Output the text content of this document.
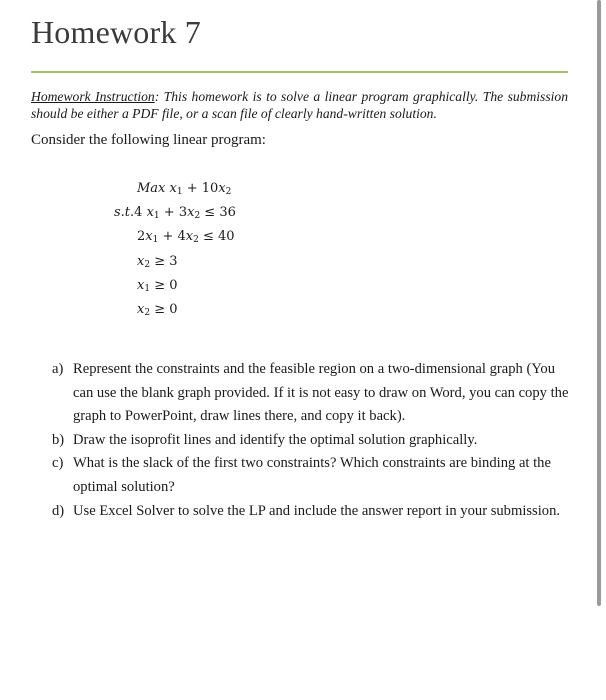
Homework 7

Homework Instruction: This homework is to solve a linear program graphically. The submission should be either a PDF file, or a scan file of clearly hand-written solution.

Consider the following linear program:

Max $x_1 + 10x_2$
s.t.4 $x_1 + 3x_2 \le 36$
$2x_1 + 4x_2 \le 40$
$x_2 \ge 3$
$x_1 \ge 0$
$x_2 \ge 0$
a) Represent the constraints and the feasible region on a two-dimensional graph (You can use the blank graph provided. If it is not easy to draw on Word, you can copy the graph to PowerPoint, draw lines there, and copy it back).
b) Draw the isoprofit lines and identify the optimal solution graphically.
c) What is the slack of the first two constraints? Which constraints are binding at the optimal solution?
d) Use Excel Solver to solve the LP and include the answer report in your submission.
